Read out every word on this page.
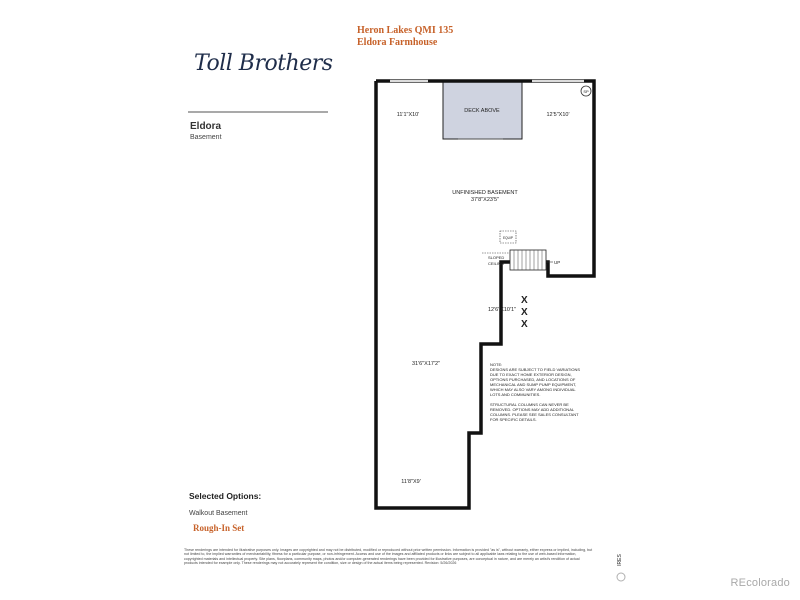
Heron Lakes QMI 135
Eldora Farmhouse
Toll Brothers
Eldora
Basement
SP
EQUIP
SLOPED
CEILING	UP
11'1"X10'
DECK ABOVE
12'5"X10'
UNFINISHED BASEMENT
37'8"X23'5"
12'6"X10'1"
31'6"X17'2"
11'8"X9'
X
X
X
NOTE:
DESIGNS ARE SUBJECT TO FIELD VARIATIONS
DUE TO EXACT HOME EXTERIOR DESIGN,
OPTIONS PURCHASED, AND LOCATIONS OF
MECHANICAL AND SUMP PUMP EQUIPMENT,
WHICH MAY ALSO VARY AMONG INDIVIDUAL
LOTS AND COMMUNITIES.
STRUCTURAL COLUMNS CAN NEVER BE
REMOVED. OPTIONS MAY ADD ADDITIONAL
COLUMNS. PLEASE SEE SALES CONSULTANT
FOR SPECIFIC DETAILS.
Selected Options:
Walkout Basement
Rough-In Set
These renderings are intended for illustrative purposes only. Images are copyrighted and may not be distributed, modified or reproduced without prior written permission. Information is provided "as is", without warranty, either express or implied, including, but not limited to, the implied warranties of merchantability, fitness for a particular purpose, or non-infringement. Access and use of the images and affiliated products or links are subject to all applicable laws relating to the use of web-based information, copyrighted materials and intellectual property. Site plans, floorplans, community maps, photos and/or computer-generated renderings have been provided for illustrative purposes, are conceptual in nature, and are merely an artist's rendition of actual products intended for example only. These renderings may not accurately represent the condition, size or design of the actual items being represented. Revision: 5/26/2026	IRES
REcolorado
